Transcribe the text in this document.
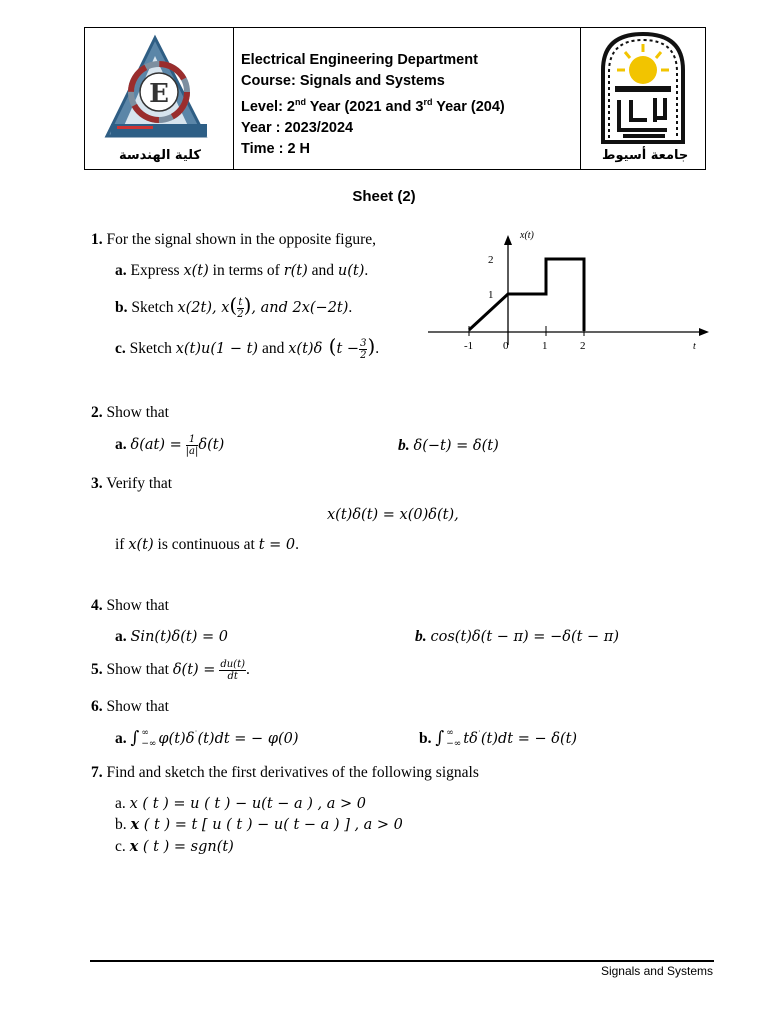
E
كلية الهندسة
Electrical Engineering Department
Course: Signals and Systems
Level: 2nd Year (2021 and 3rd Year (204)
Year : 2023/2024
Time : 2 H	جامعة أسيوط
Sheet (2)
x(t)
2
1
-1	0	1	2	t
1. For the signal shown in the opposite figure,
a. Express x(t) in terms of r(t) and u(t).
b. Sketch x(2t), $x( \frac{t}{2}$ ), and 2x(−2t).
c. Sketch x(t)u(1 − t) and x(t)δ ($t - \frac{3}{2}$ ).
2. Show that
a. $\delta(at) = \frac{1}{|a|} \delta(t)$	b. δ(−t) = δ(t)
3. Verify that
x(t)δ(t) = x(0)δ(t),
if x(t) is continuous at t = 0.
4. Show that
a. Sin(t)δ(t) = 0	b. cos(t)δ(t − π) = −δ(t − π)
5. Show that $\delta(t) = \frac{du(t)}{dt}$ .
6. Show that
a. ∫ ∞
−∞ φ(t)δ˙(t)dt = − φ(0)	b. ∫ ∞
−∞ tδ˙(t)dt = − δ(t)
7. Find and sketch the first derivatives of the following signals
a. x ( t ) = u ( t ) − u(t − a ) , a > 0
b. x ( t ) = t [ u ( t ) − u( t − a ) ] , a > 0
c. x ( t ) = sgn(t)
Signals and Systems
